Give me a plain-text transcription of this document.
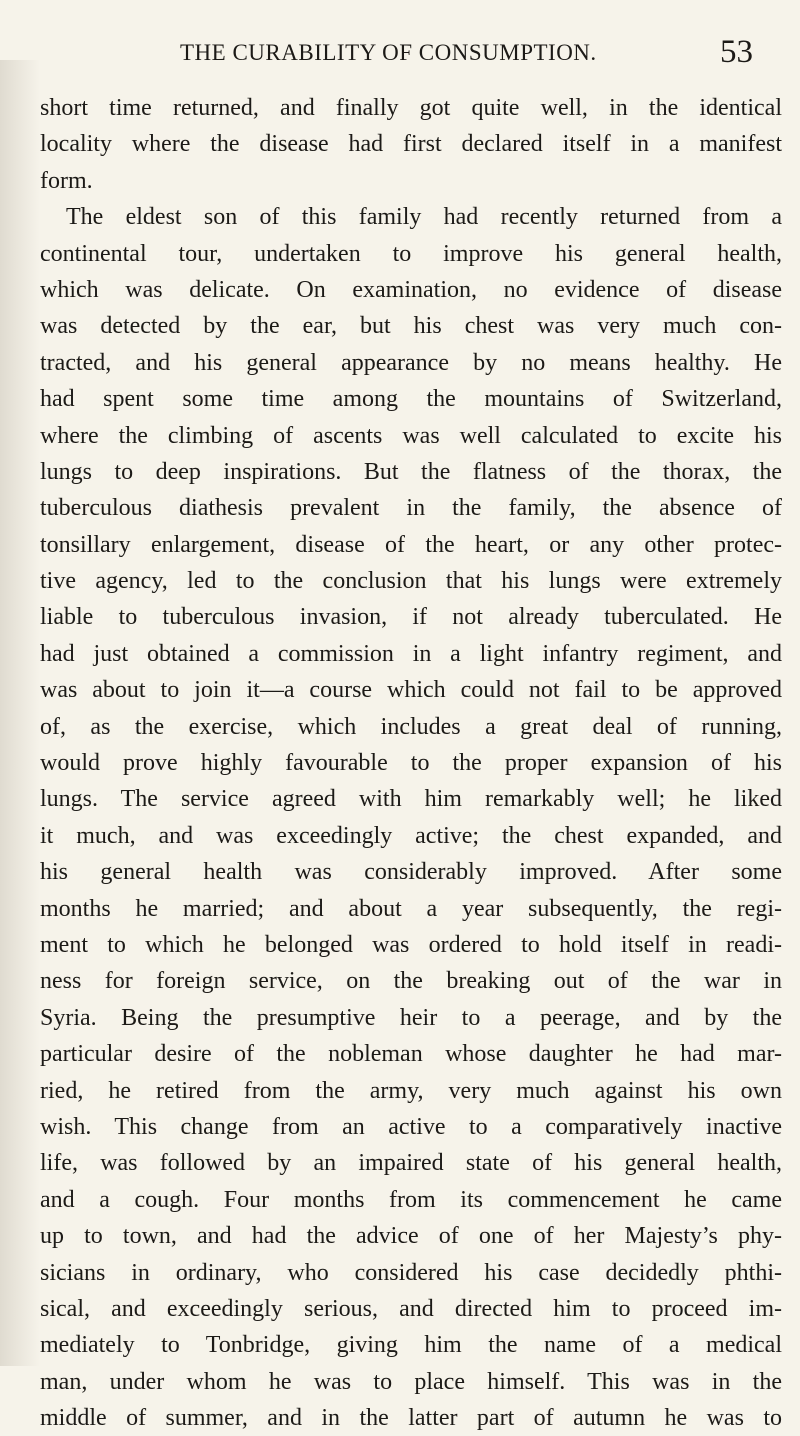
THE CURABILITY OF CONSUMPTION.	53
short time returned, and finally got quite well, in the identical
locality where the disease had first declared itself in a manifest
form.
The eldest son of this family had recently returned from a
continental tour, undertaken to improve his general health,
which was delicate. On examination, no evidence of disease
was detected by the ear, but his chest was very much con-
tracted, and his general appearance by no means healthy. He
had spent some time among the mountains of Switzerland,
where the climbing of ascents was well calculated to excite his
lungs to deep inspirations. But the flatness of the thorax, the
tuberculous diathesis prevalent in the family, the absence of
tonsillary enlargement, disease of the heart, or any other protec-
tive agency, led to the conclusion that his lungs were extremely
liable to tuberculous invasion, if not already tuberculated. He
had just obtained a commission in a light infantry regiment, and
was about to join it—a course which could not fail to be approved
of, as the exercise, which includes a great deal of running,
would prove highly favourable to the proper expansion of his
lungs. The service agreed with him remarkably well; he liked
it much, and was exceedingly active; the chest expanded, and
his general health was considerably improved. After some
months he married; and about a year subsequently, the regi-
ment to which he belonged was ordered to hold itself in readi-
ness for foreign service, on the breaking out of the war in
Syria. Being the presumptive heir to a peerage, and by the
particular desire of the nobleman whose daughter he had mar-
ried, he retired from the army, very much against his own
wish. This change from an active to a comparatively inactive
life, was followed by an impaired state of his general health,
and a cough. Four months from its commencement he came
up to town, and had the advice of one of her Majesty’s phy-
sicians in ordinary, who considered his case decidedly phthi-
sical, and exceedingly serious, and directed him to proceed im-
mediately to Tonbridge, giving him the name of a medical
man, under whom he was to place himself. This was in the
middle of summer, and in the latter part of autumn he was to
